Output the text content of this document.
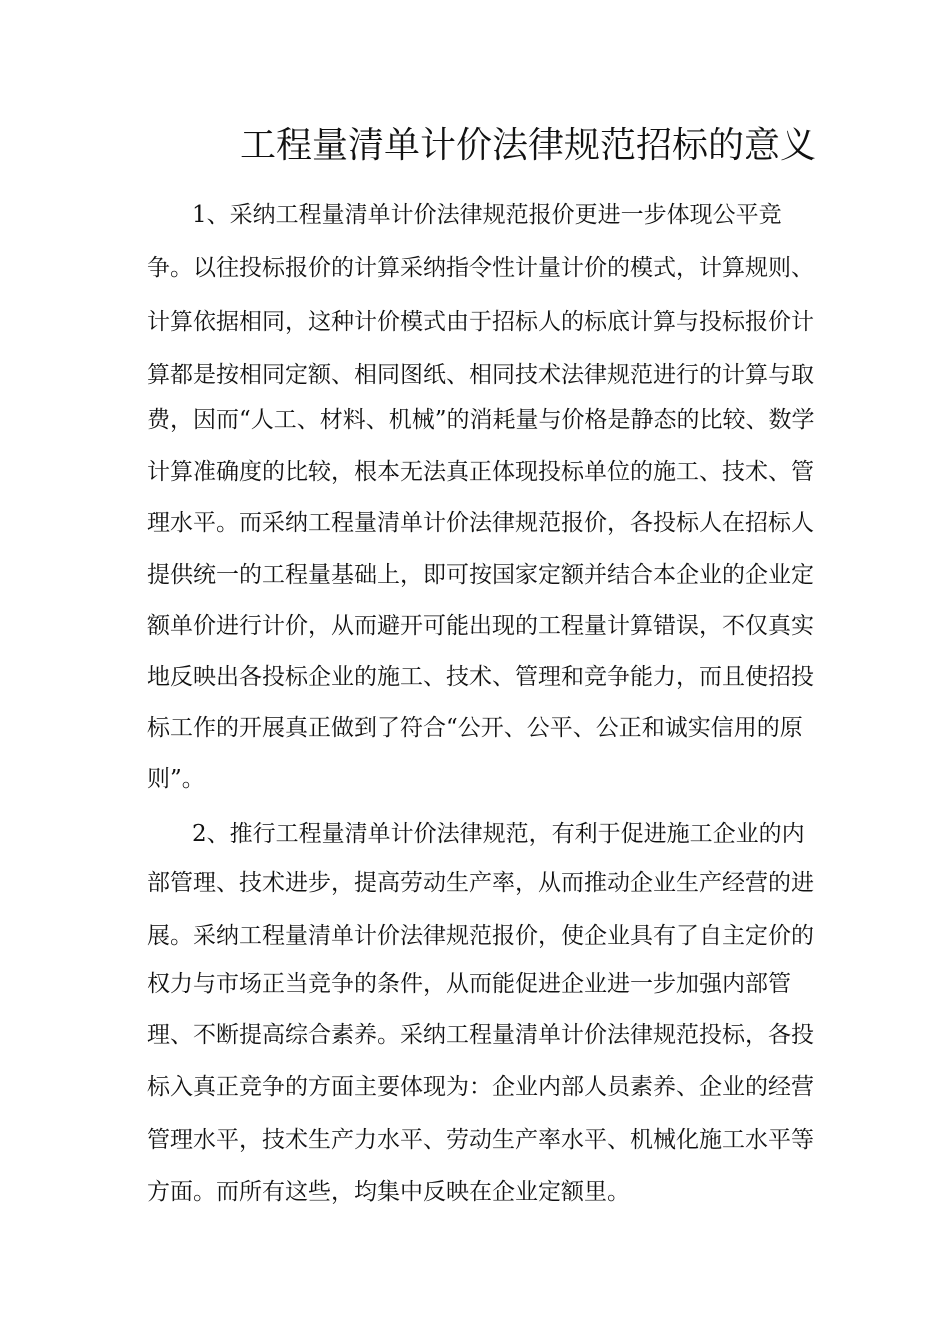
工程量清单计价法律规范招标的意义

1、采纳工程量清单计价法律规范报价更进一步体现公平竞

争。以往投标报价的计算采纳指令性计量计价的模式，计算规则、

计算依据相同，这种计价模式由于招标人的标底计算与投标报价计

算都是按相同定额、相同图纸、相同技术法律规范进行的计算与取

费，因而“人工、材料、机械”的消耗量与价格是静态的比较、数学

计算准确度的比较，根本无法真正体现投标单位的施工、技术、管

理水平。而采纳工程量清单计价法律规范报价，各投标人在招标人

提供统一的工程量基础上，即可按国家定额并结合本企业的企业定

额单价进行计价，从而避开可能出现的工程量计算错误，不仅真实

地反映出各投标企业的施工、技术、管理和竞争能力，而且使招投

标工作的开展真正做到了符合“公开、公平、公正和诚实信用的原

则”。

2、推行工程量清单计价法律规范，有利于促进施工企业的内

部管理、技术进步，提高劳动生产率，从而推动企业生产经营的进

展。采纳工程量清单计价法律规范报价，使企业具有了自主定价的

权力与市场正当竞争的条件，从而能促进企业进一步加强内部管

理、不断提高综合素养。采纳工程量清单计价法律规范投标，各投

标入真正竞争的方面主要体现为：企业内部人员素养、企业的经营

管理水平，技术生产力水平、劳动生产率水平、机械化施工水平等

方面。而所有这些，均集中反映在企业定额里。
